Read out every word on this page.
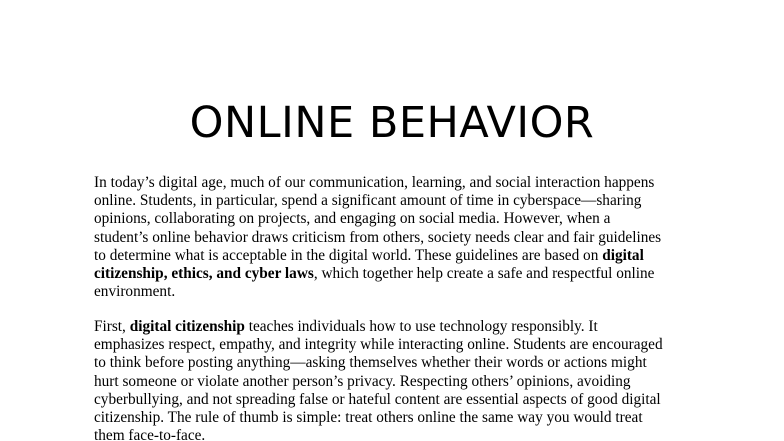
ONLINE BEHAVIOR

In today’s digital age, much of our communication, learning, and social interaction happens
online. Students, in particular, spend a significant amount of time in cyberspace—sharing
opinions, collaborating on projects, and engaging on social media. However, when a
student’s online behavior draws criticism from others, society needs clear and fair guidelines
to determine what is acceptable in the digital world. These guidelines are based on digital
citizenship, ethics, and cyber laws, which together help create a safe and respectful online
environment.

First, digital citizenship teaches individuals how to use technology responsibly. It
emphasizes respect, empathy, and integrity while interacting online. Students are encouraged
to think before posting anything—asking themselves whether their words or actions might
hurt someone or violate another person’s privacy. Respecting others’ opinions, avoiding
cyberbullying, and not spreading false or hateful content are essential aspects of good digital
citizenship. The rule of thumb is simple: treat others online the same way you would treat
them face-to-face.
